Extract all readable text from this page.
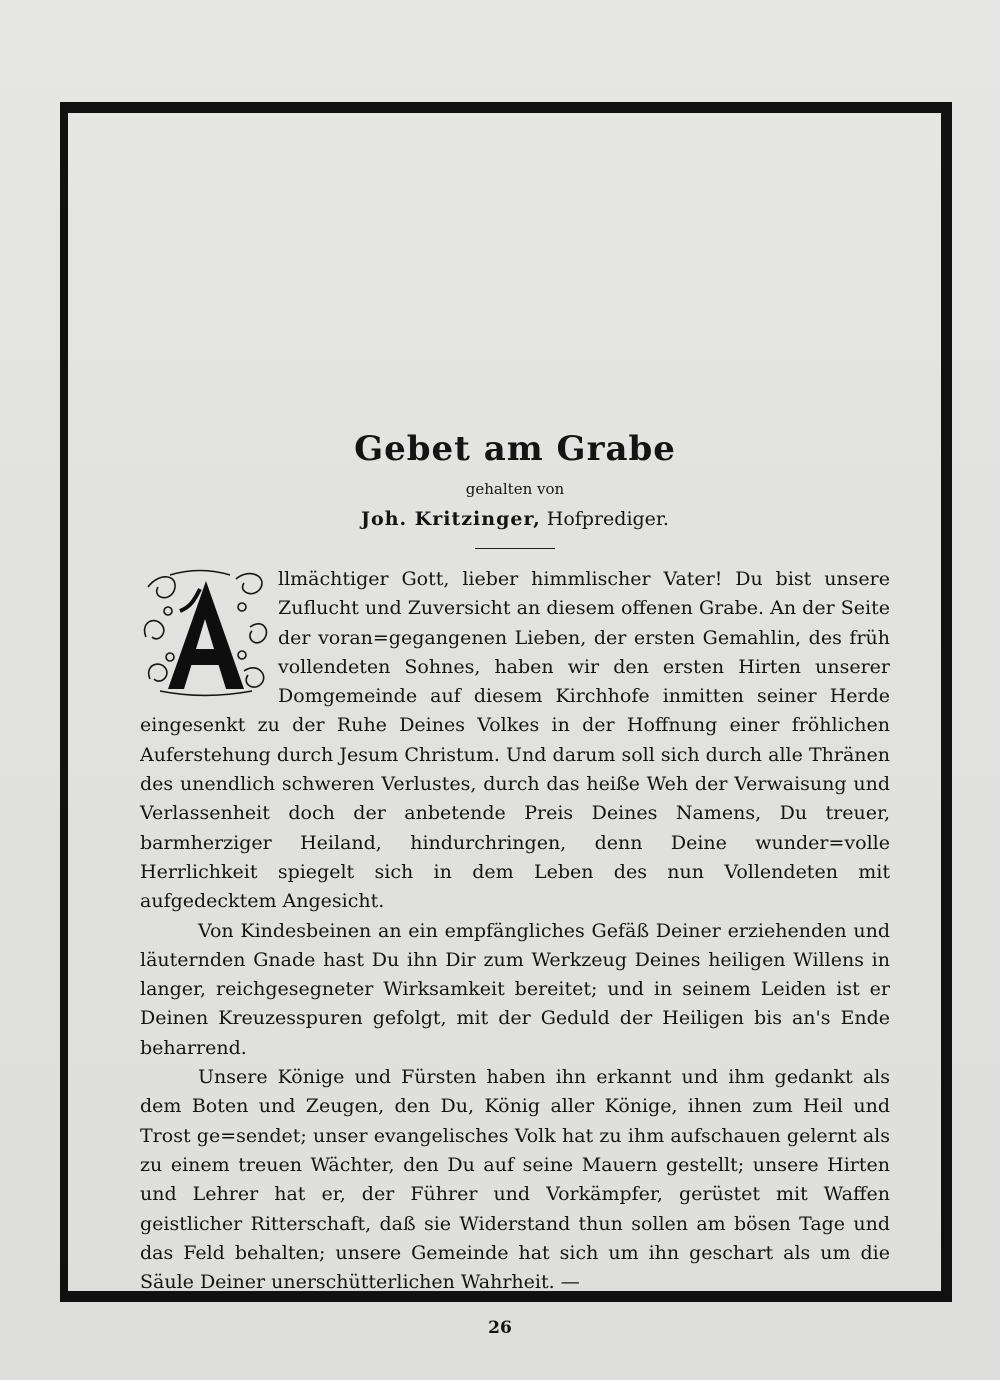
Gebet am Grabe

gehalten von

Joh. Kritzinger, Hofprediger.

llmächtiger Gott, lieber himmlischer Vater! Du bist unsere Zuflucht und Zuversicht an diesem offenen Grabe. An der Seite der voran=gegangenen Lieben, der ersten Gemahlin, des früh vollendeten Sohnes, haben wir den ersten Hirten unserer Domgemeinde auf diesem Kirchhofe inmitten seiner Herde eingesenkt zu der Ruhe Deines Volkes in der Hoffnung einer fröhlichen Auferstehung durch Jesum Christum. Und darum soll sich durch alle Thränen des unendlich schweren Verlustes, durch das heiße Weh der Verwaisung und Verlassenheit doch der anbetende Preis Deines Namens, Du treuer, barmherziger Heiland, hindurchringen, denn Deine wunder=volle Herrlichkeit spiegelt sich in dem Leben des nun Vollendeten mit aufgedecktem Angesicht.

Von Kindesbeinen an ein empfängliches Gefäß Deiner erziehenden und läuternden Gnade hast Du ihn Dir zum Werkzeug Deines heiligen Willens in langer, reichgesegneter Wirksamkeit bereitet; und in seinem Leiden ist er Deinen Kreuzesspuren gefolgt, mit der Geduld der Heiligen bis an's Ende beharrend.

Unsere Könige und Fürsten haben ihn erkannt und ihm gedankt als dem Boten und Zeugen, den Du, König aller Könige, ihnen zum Heil und Trost ge=sendet; unser evangelisches Volk hat zu ihm aufschauen gelernt als zu einem treuen Wächter, den Du auf seine Mauern gestellt; unsere Hirten und Lehrer hat er, der Führer und Vorkämpfer, gerüstet mit Waffen geistlicher Ritterschaft, daß sie Widerstand thun sollen am bösen Tage und das Feld behalten; unsere Gemeinde hat sich um ihn geschart als um die Säule Deiner unerschütterlichen Wahrheit. —

26
